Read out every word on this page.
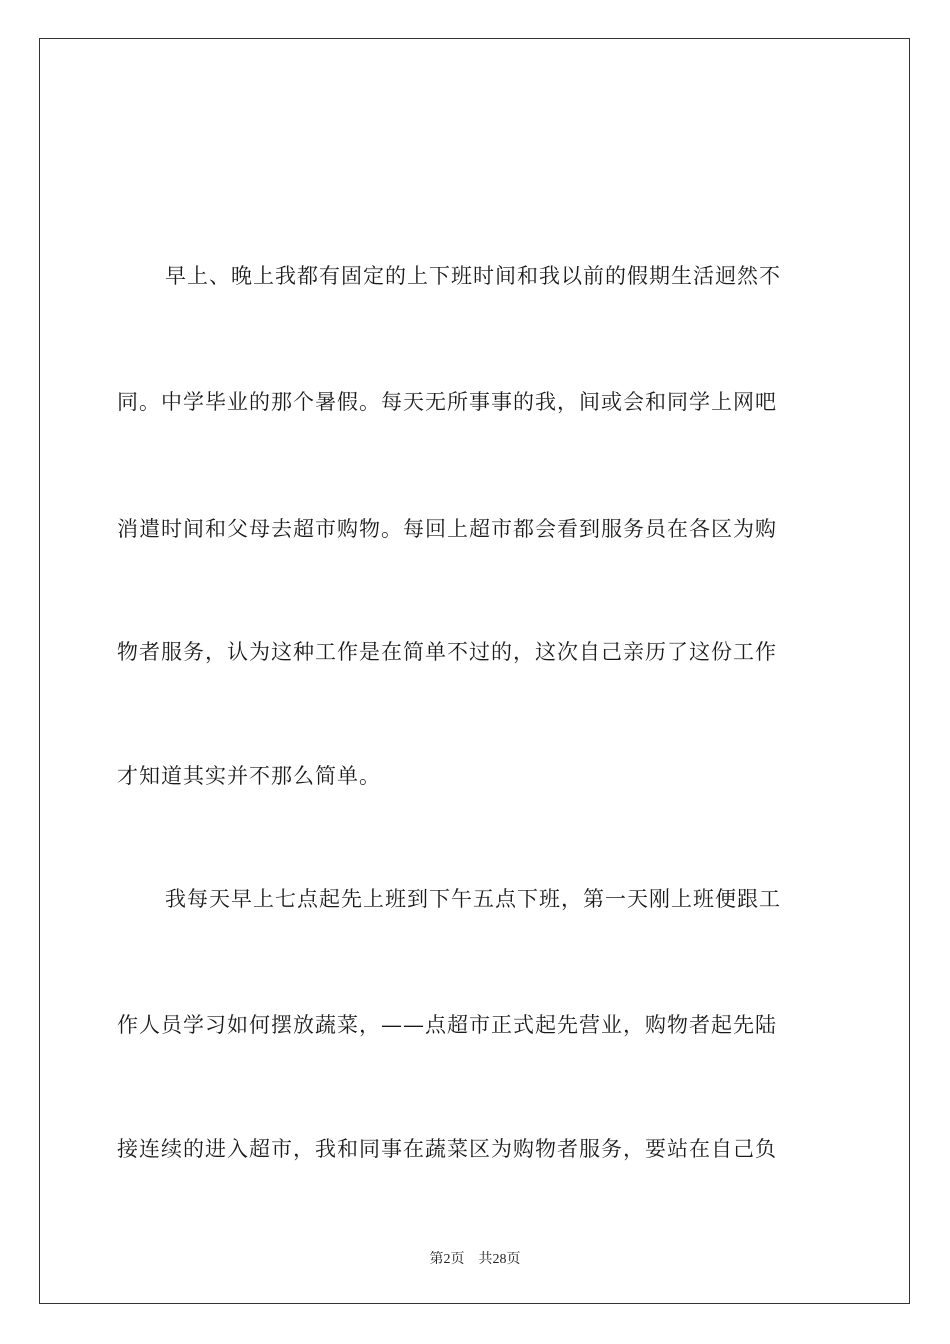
早上、晚上我都有固定的上下班时间和我以前的假期生活迥然不

同。中学毕业的那个暑假。每天无所事事的我，间或会和同学上网吧

消遣时间和父母去超市购物。每回上超市都会看到服务员在各区为购

物者服务，认为这种工作是在简单不过的，这次自己亲历了这份工作

才知道其实并不那么简单。

我每天早上七点起先上班到下午五点下班，第一天刚上班便跟工

作人员学习如何摆放蔬菜，——点超市正式起先营业，购物者起先陆

接连续的进入超市，我和同事在蔬菜区为购物者服务，要站在自己负

第2页 共28页
